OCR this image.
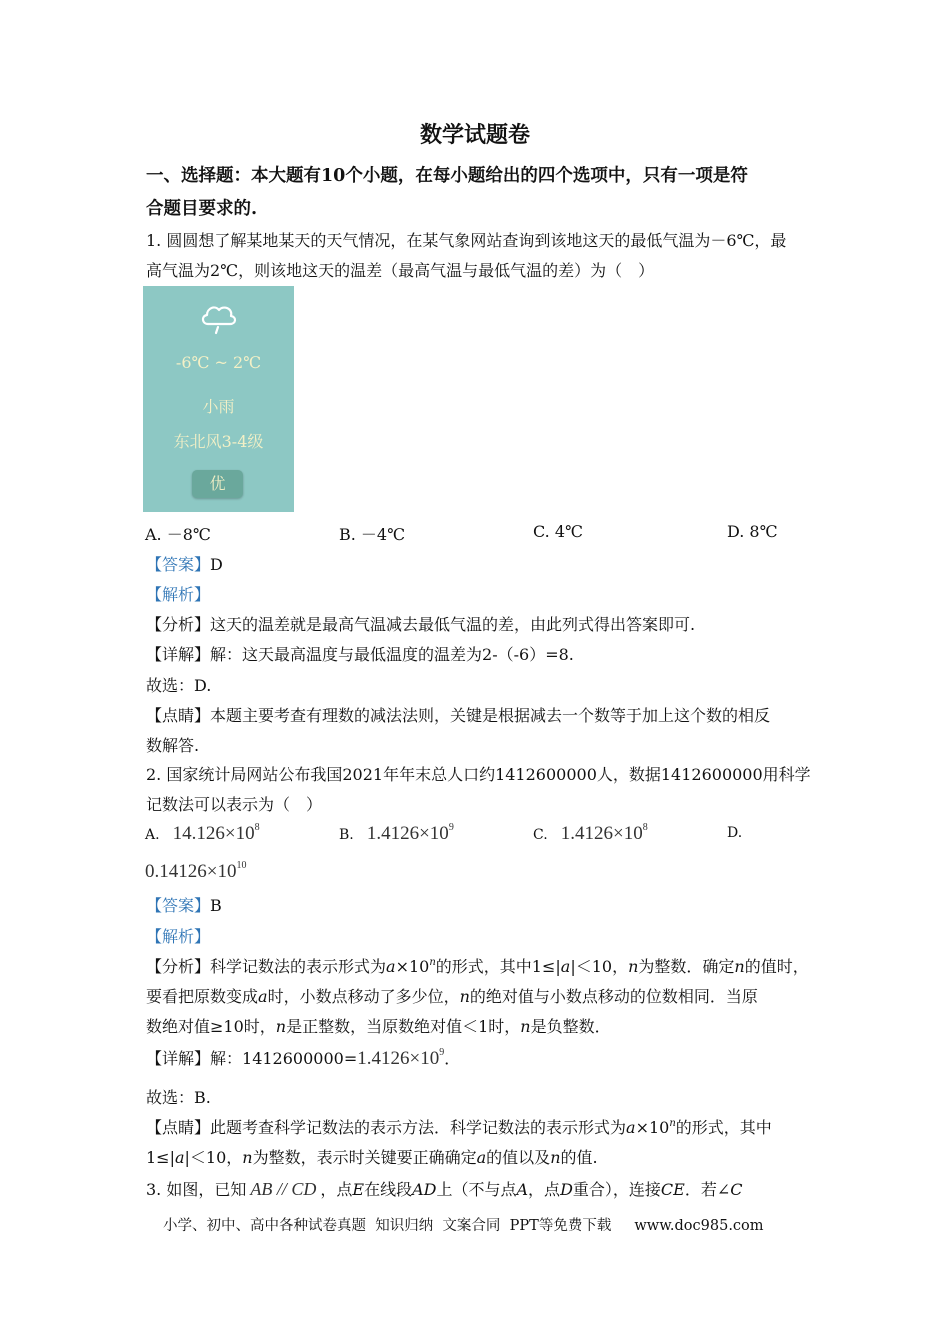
数学试题卷
一、选择题：本大题有10个小题，在每小题给出的四个选项中，只有一项是符
合题目要求的.
1. 圆圆想了解某地某天的天气情况，在某气象网站查询到该地这天的最低气温为－6℃，最
高气温为2℃，则该地这天的温差（最高气温与最低气温的差）为（　）
-6℃ ~ 2℃
小雨
东北风3-4级
优
A. －8℃	B. －4℃	C. 4℃	D. 8℃
【答案】D
【解析】
【分析】这天的温差就是最高气温减去最低气温的差，由此列式得出答案即可.
【详解】解：这天最高温度与最低温度的温差为2-（-6）=8.
故选：D.
【点睛】本题主要考查有理数的减法法则，关键是根据减去一个数等于加上这个数的相反
数解答.
2. 国家统计局网站公布我国2021年年末总人口约1412600000人，数据1412600000用科学
记数法可以表示为（　）
A. $14.126\times 10^8$	B. $1.4126\times 10^9$	C. $1.4126\times 10^8$	D.
$0.14126\times 10^{10}$
【答案】B
【解析】
【分析】科学记数法的表示形式为$a\times 10^n$的形式，其中1≤|a|＜10，n为整数．确定n的值时，
要看把原数变成a时，小数点移动了多少位，n的绝对值与小数点移动的位数相同．当原
数绝对值≥10时，n是正整数，当原数绝对值＜1时，n是负整数．
【详解】解：$1412600000=1.4126\times 10^9$．
故选：B.
【点睛】此题考查科学记数法的表示方法．科学记数法的表示形式为$a\times 10^n$的形式，其中
1≤|a|＜10，n为整数，表示时关键要正确确定a的值以及n的值.
3. 如图，已知 AB // CD ，点E在线段AD上（不与点A，点D重合），连接CE．若∠C
小学、初中、高中各种试卷真题  知识归纳  文案合同  PPT等免费下载     www.doc985.com
